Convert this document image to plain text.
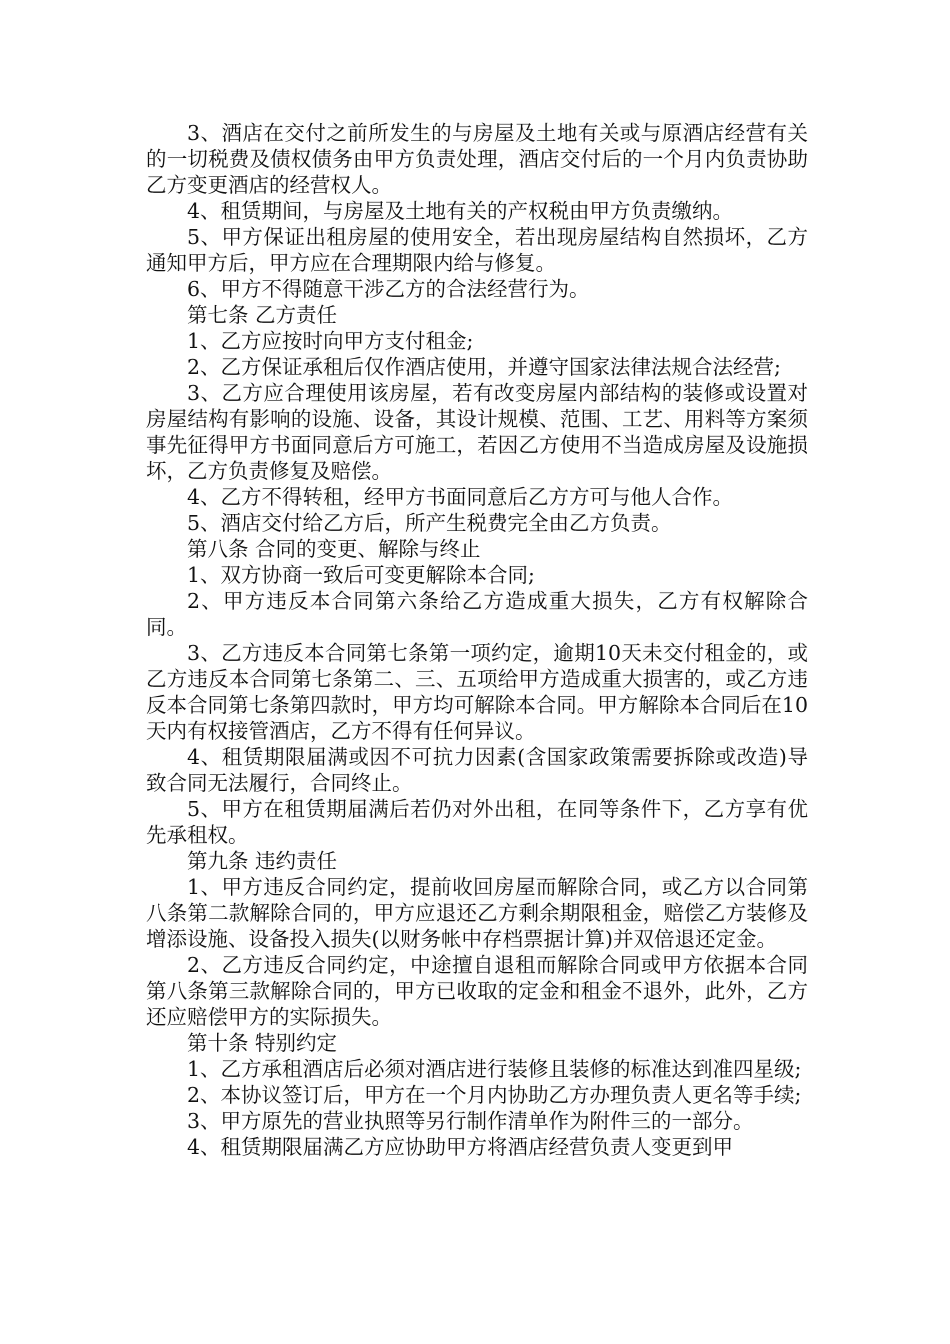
3、酒店在交付之前所发生的与房屋及土地有关或与原酒店经营有关的一切税费及债权债务由甲方负责处理，酒店交付后的一个月内负责协助乙方变更酒店的经营权人。

4、租赁期间，与房屋及土地有关的产权税由甲方负责缴纳。

5、甲方保证出租房屋的使用安全，若出现房屋结构自然损坏，乙方通知甲方后，甲方应在合理期限内给与修复。

6、甲方不得随意干涉乙方的合法经营行为。

第七条 乙方责任

1、乙方应按时向甲方支付租金;

2、乙方保证承租后仅作酒店使用，并遵守国家法律法规合法经营;

3、乙方应合理使用该房屋，若有改变房屋内部结构的装修或设置对房屋结构有影响的设施、设备，其设计规模、范围、工艺、用料等方案须事先征得甲方书面同意后方可施工，若因乙方使用不当造成房屋及设施损坏，乙方负责修复及赔偿。

4、乙方不得转租，经甲方书面同意后乙方方可与他人合作。

5、酒店交付给乙方后，所产生税费完全由乙方负责。

第八条 合同的变更、解除与终止

1、双方协商一致后可变更解除本合同;

2、甲方违反本合同第六条给乙方造成重大损失，乙方有权解除合同。

3、乙方违反本合同第七条第一项约定，逾期10天未交付租金的，或乙方违反本合同第七条第二、三、五项给甲方造成重大损害的，或乙方违反本合同第七条第四款时，甲方均可解除本合同。甲方解除本合同后在10天内有权接管酒店，乙方不得有任何异议。

4、租赁期限届满或因不可抗力因素(含国家政策需要拆除或改造)导致合同无法履行，合同终止。

5、甲方在租赁期届满后若仍对外出租，在同等条件下，乙方享有优先承租权。

第九条 违约责任

1、甲方违反合同约定，提前收回房屋而解除合同，或乙方以合同第八条第二款解除合同的，甲方应退还乙方剩余期限租金，赔偿乙方装修及增添设施、设备投入损失(以财务帐中存档票据计算)并双倍退还定金。

2、乙方违反合同约定，中途擅自退租而解除合同或甲方依据本合同第八条第三款解除合同的，甲方已收取的定金和租金不退外，此外，乙方还应赔偿甲方的实际损失。

第十条 特别约定

1、乙方承租酒店后必须对酒店进行装修且装修的标准达到准四星级;

2、本协议签订后，甲方在一个月内协助乙方办理负责人更名等手续;

3、甲方原先的营业执照等另行制作清单作为附件三的一部分。

4、租赁期限届满乙方应协助甲方将酒店经营负责人变更到甲
